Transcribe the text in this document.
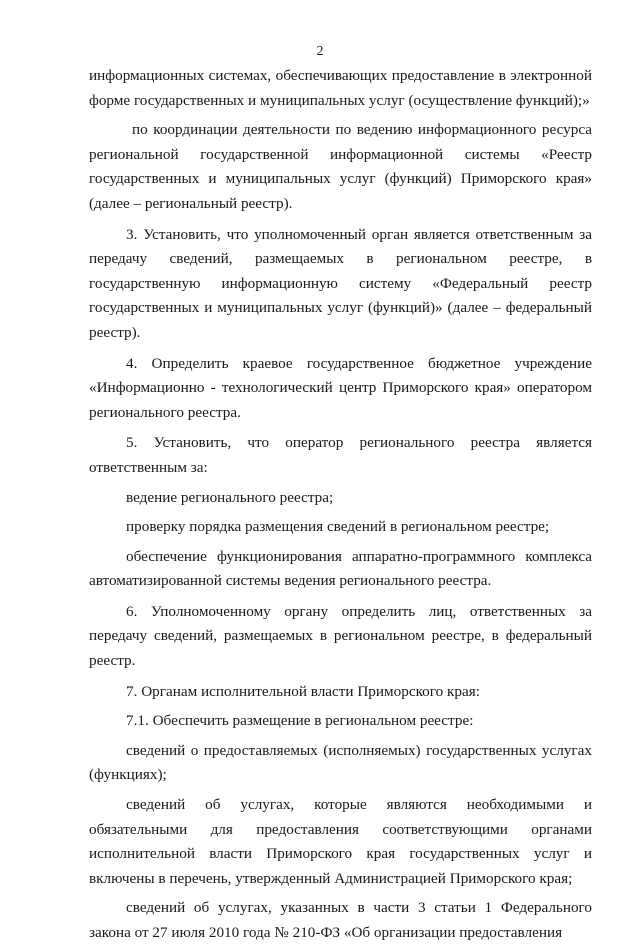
2

информационных системах, обеспечивающих предоставление в электронной форме государственных и муниципальных услуг (осуществление функций);»

по координации деятельности по ведению информационного ресурса региональной государственной информационной системы «Реестр государственных и муниципальных услуг (функций) Приморского края» (далее – региональный реестр).

3. Установить, что уполномоченный орган является ответственным за передачу сведений, размещаемых в региональном реестре, в государственную информационную систему «Федеральный реестр государственных и муниципальных услуг (функций)» (далее – федеральный реестр).

4. Определить краевое государственное бюджетное учреждение «Информационно - технологический центр Приморского края» оператором регионального реестра.

5. Установить, что оператор регионального реестра является ответственным за:

ведение регионального реестра;

проверку порядка размещения сведений в региональном реестре;

обеспечение функционирования аппаратно-программного комплекса автоматизированной системы ведения регионального реестра.

6. Уполномоченному органу определить лиц, ответственных за передачу сведений, размещаемых в региональном реестре, в федеральный реестр.

7. Органам исполнительной власти Приморского края:

7.1. Обеспечить размещение в региональном реестре:

сведений о предоставляемых (исполняемых) государственных услугах (функциях);

сведений об услугах, которые являются необходимыми и обязательными для предоставления соответствующими органами исполнительной власти Приморского края государственных услуг и включены в перечень, утвержденный Администрацией Приморского края;

сведений об услугах, указанных в части 3 статьи 1 Федерального закона от 27 июля 2010 года № 210-ФЗ «Об организации предоставления
